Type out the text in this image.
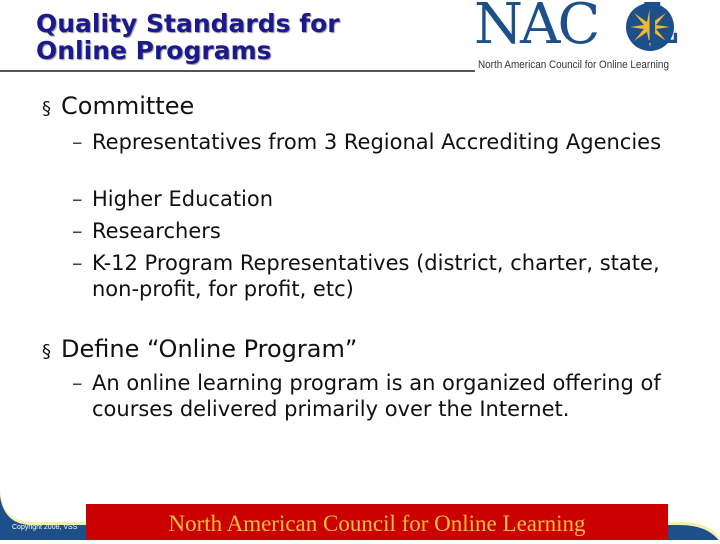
Quality Standards for
Online Programs	NAC L
North American Council for Online Learning
§ Committee
– Representatives from 3 Regional Accrediting Agencies
– Higher Education
– Researchers
– K-12 Program Representatives (district, charter, state, non-profit, for profit, etc)
§ Define “Online Program”
– An online learning program is an organized offering of courses delivered primarily over the Internet.
Copyright 2008, VSS	North American Council for Online Learning
